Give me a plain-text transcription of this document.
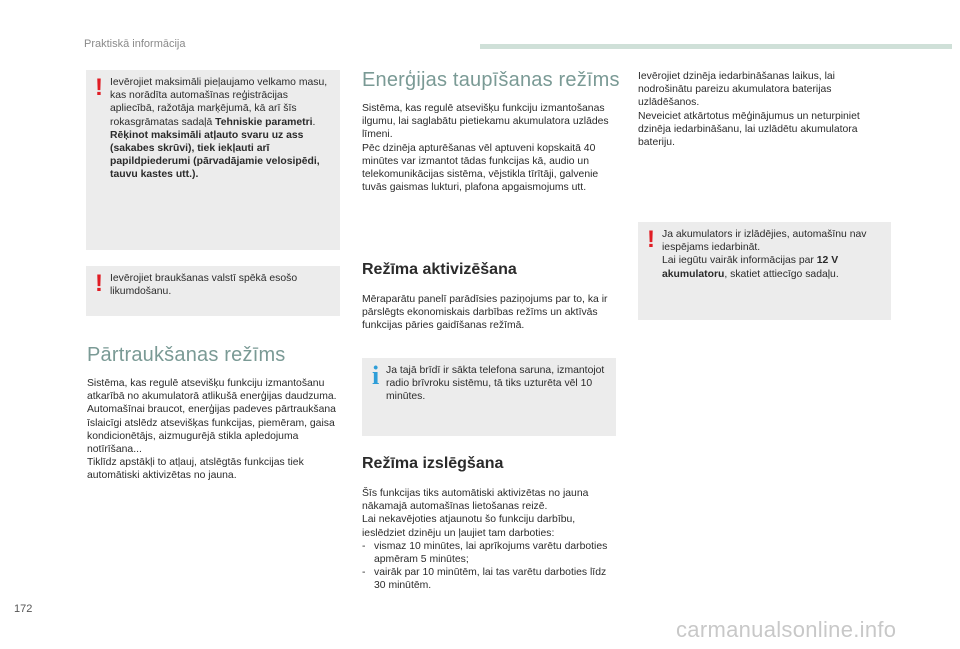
Praktiskā informācija
! Ievērojiet maksimāli pieļaujamo velkamo masu, kas norādīta automašīnas reģistrācijas apliecībā, ražotāja marķējumā, kā arī šīs rokasgrāmatas sadaļā Tehniskie parametri.

Rēķinot maksimāli atļauto svaru uz ass (sakabes skrūvi), tiek iekļauti arī papildpiederumi (pārvadājamie velosipēdi, tauvu kastes utt.).

! Ievērojiet braukšanas valstī spēkā esošo likumdošanu.

Pārtraukšanas režīms

Sistēma, kas regulē atsevišķu funkciju izmantošanu atkarībā no akumulatorā atlikušā enerģijas daudzuma.

Automašīnai braucot, enerģijas padeves pārtraukšana īslaicīgi atslēdz atsevišķas funkcijas, piemēram, gaisa kondicionētājs, aizmugurējā stikla apledojuma notīrīšana...

Tiklīdz apstākļi to atļauj, atslēgtās funkcijas tiek automātiski aktivizētas no jauna.

Enerģijas taupīšanas režīms

Sistēma, kas regulē atsevišķu funkciju izmantošanas ilgumu, lai saglabātu pietiekamu akumulatora uzlādes līmeni.

Pēc dzinēja apturēšanas vēl aptuveni kopskaitā 40 minūtes var izmantot tādas funkcijas kā, audio un telekomunikācijas sistēma, vējstikla tīrītāji, galvenie tuvās gaismas lukturi, plafona apgaismojums utt.

Režīma aktivizēšana

Mēraparātu panelī parādīsies paziņojums par to, ka ir pārslēgts ekonomiskais darbības režīms un aktīvās funkcijas pāries gaidīšanas režīmā.

i Ja tajā brīdī ir sākta telefona saruna, izmantojot radio brīvroku sistēmu, tā tiks uzturēta vēl 10 minūtes.

Režīma izslēgšana

Šīs funkcijas tiks automātiski aktivizētas no jauna nākamajā automašīnas lietošanas reizē.

Lai nekavējoties atjaunotu šo funkciju darbību, ieslēdziet dzinēju un ļaujiet tam darboties:

- vismaz 10 minūtes, lai aprīkojums varētu darboties apmēram 5 minūtes;
- vairāk par 10 minūtēm, lai tas varētu darboties līdz 30 minūtēm.

Ievērojiet dzinēja iedarbināšanas laikus, lai nodrošinātu pareizu akumulatora baterijas uzlādēšanos.

Neveiciet atkārtotus mēģinājumus un neturpiniet dzinēja iedarbināšanu, lai uzlādētu akumulatora bateriju.

! Ja akumulators ir izlādējies, automašīnu nav iespējams iedarbināt.

Lai iegūtu vairāk informācijas par 12 V akumulatoru, skatiet attiecīgo sadaļu.

172
carmanualsonline.info
